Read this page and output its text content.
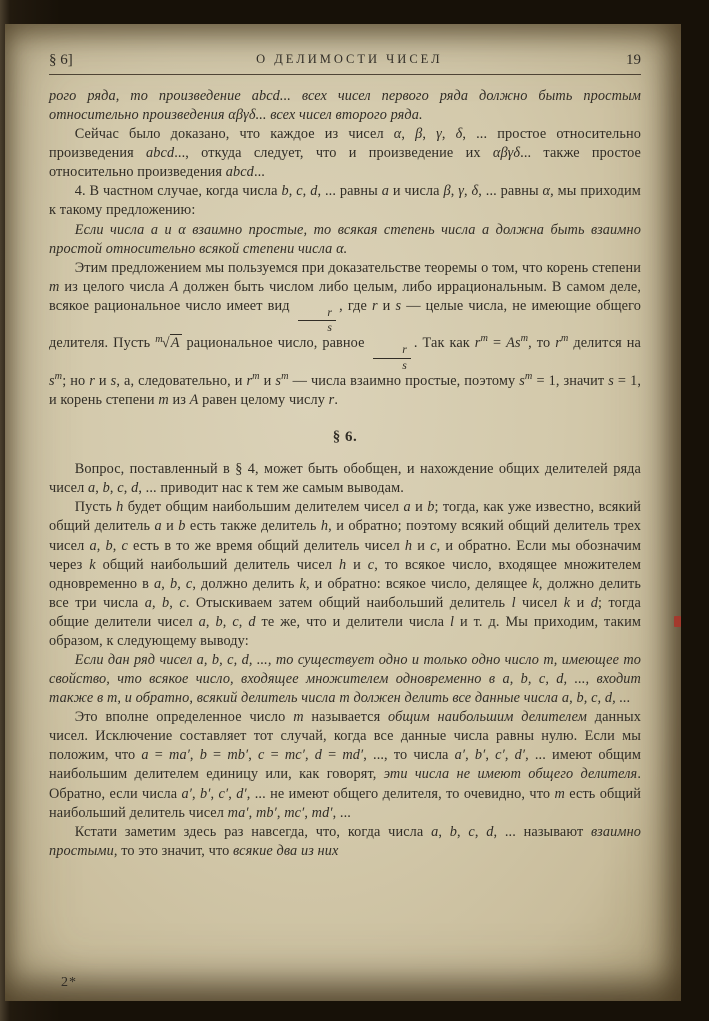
§ 6]	О ДЕЛИМОСТИ ЧИСЕЛ	19

рого ряда, то произведение abcd... всех чисел первого ряда должно быть простым относительно произведения αβγδ... всех чисел второго ряда.

Сейчас было доказано, что каждое из чисел α, β, γ, δ, ... простое относительно произведения abcd..., откуда следует, что и произведение их αβγδ... также простое относительно произведения abcd...

4. В частном случае, когда числа b, c, d, ... равны a и числа β, γ, δ, ... равны α, мы приходим к такому предложению:

Если числа a и α взаимно простые, то всякая степень числа a должна быть взаимно простой относительно всякой степени числа α.

Этим предложением мы пользуемся при доказательстве теоремы о том, что корень степени m из целого числа A должен быть числом либо целым, либо иррациональным. В самом деле, всякое рациональное число имеет вид
$\frac{r}{s}$
, где r и s — целые числа, не имеющие общего делителя. Пусть $^m$√A рациональное число, равное
$\frac{r}{s}$
. Так как $r^m = As^m$, то $r^m$ делится на $s^m$; но r и s, а, следовательно, и $r^m$ и $s^m$ — числа взаимно простые, поэтому $s^m = 1$, значит s = 1, и корень степени m из A равен целому числу r.

§ 6.

Вопрос, поставленный в § 4, может быть обобщен, и нахождение общих делителей ряда чисел a, b, c, d, ... приводит нас к тем же самым выводам.

Пусть h будет общим наибольшим делителем чисел a и b; тогда, как уже известно, всякий общий делитель a и b есть также делитель h, и обратно; поэтому всякий общий делитель трех чисел a, b, c есть в то же время общий делитель чисел h и c, и обратно. Если мы обозначим через k общий наибольший делитель чисел h и c, то всякое число, входящее множителем одновременно в a, b, c, должно делить k, и обратно: всякое число, делящее k, должно делить все три числа a, b, c. Отыскиваем затем общий наибольший делитель l чисел k и d; тогда общие делители чисел a, b, c, d те же, что и делители числа l и т. д. Мы приходим, таким образом, к следующему выводу:

Если дан ряд чисел a, b, c, d, ..., то существует одно и только одно число m, имеющее то свойство, что всякое число, входящее множителем одновременно в a, b, c, d, ..., входит также в m, и обратно, всякий делитель числа m должен делить все данные числа a, b, c, d, ...

Это вполне определенное число m называется общим наибольшим делителем данных чисел. Исключение составляет тот случай, когда все данные числа равны нулю. Если мы положим, что a = ma′, b = mb′, c = mc′, d = md′, ..., то числа a′, b′, c′, d′, ... имеют общим наибольшим делителем единицу или, как говорят, эти числа не имеют общего делителя. Обратно, если числа a′, b′, c′, d′, ... не имеют общего делителя, то очевидно, что m есть общий наибольший делитель чисел ma′, mb′, mc′, md′, ...

Кстати заметим здесь раз навсегда, что, когда числа a, b, c, d, ... называют взаимно простыми, то это значит, что всякие два из них

2*
